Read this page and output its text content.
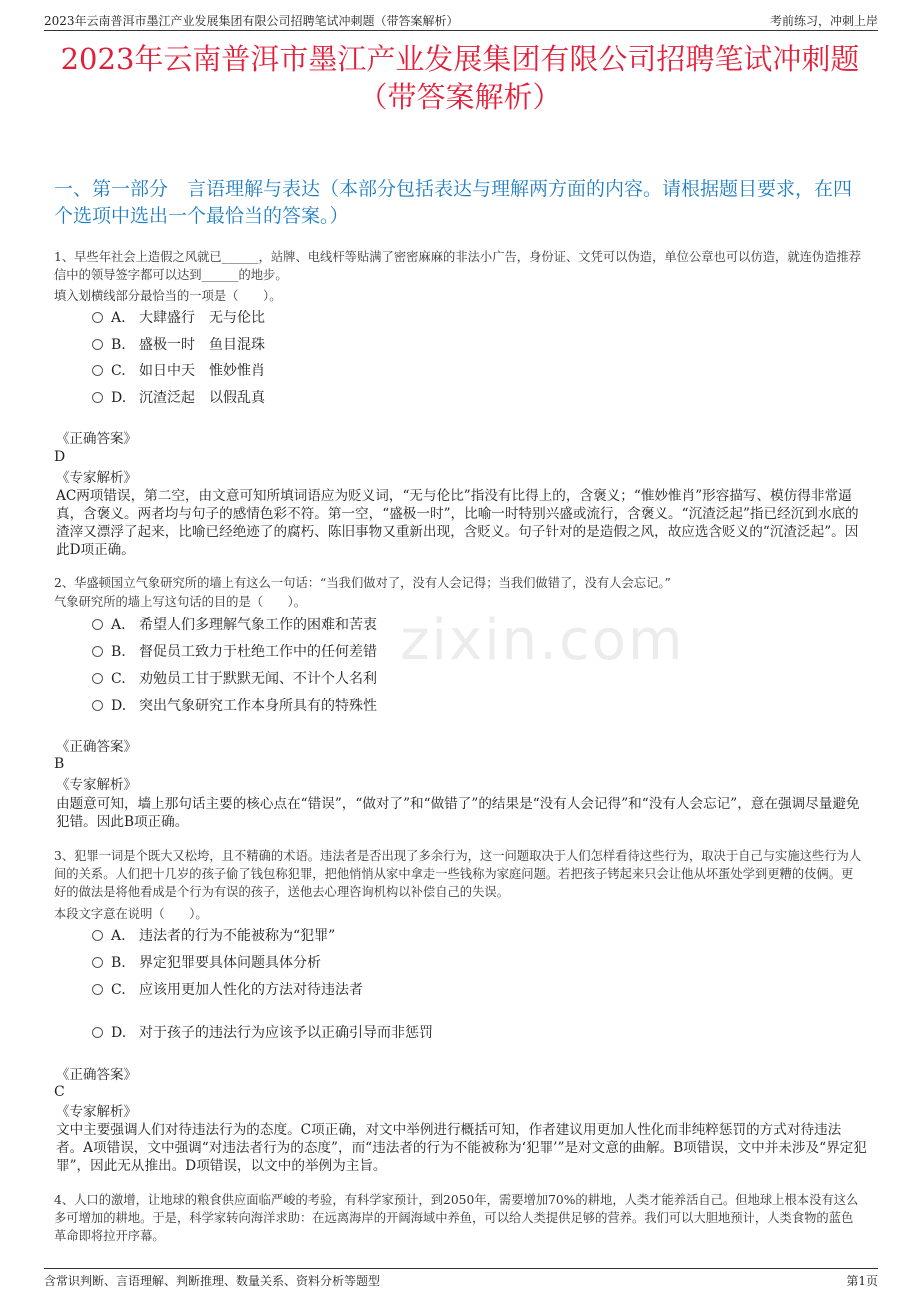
2023年云南普洱市墨江产业发展集团有限公司招聘笔试冲刺题（带答案解析）	考前练习，冲刺上岸
2023年云南普洱市墨江产业发展集团有限公司招聘笔试冲刺题（带答案解析）
一、第一部分　言语理解与表达（本部分包括表达与理解两方面的内容。请根据题目要求，在四个选项中选出一个最恰当的答案。）
zixin.com
1、早些年社会上造假之风就已______，站牌、电线杆等贴满了密密麻麻的非法小广告，身份证、文凭可以伪造，单位公章也可以仿造，就连伪造推荐信中的领导签字都可以达到______的地步。
填入划横线部分最恰当的一项是（　　）。
A. 大肆盛行　无与伦比
B. 盛极一时　鱼目混珠
C. 如日中天　惟妙惟肖
D. 沉渣泛起　以假乱真
《正确答案》
D
《专家解析》
AC两项错误，第二空，由文意可知所填词语应为贬义词，“无与伦比”指没有比得上的，含褒义；“惟妙惟肖”形容描写、模仿得非常逼真，含褒义。两者均与句子的感情色彩不符。第一空，“盛极一时”，比喻一时特别兴盛或流行，含褒义。“沉渣泛起”指已经沉到水底的渣滓又漂浮了起来，比喻已经绝迹了的腐朽、陈旧事物又重新出现，含贬义。句子针对的是造假之风，故应选含贬义的“沉渣泛起”。因此D项正确。
2、华盛顿国立气象研究所的墙上有这么一句话：“当我们做对了，没有人会记得；当我们做错了，没有人会忘记。”
气象研究所的墙上写这句话的目的是（　　）。
A. 希望人们多理解气象工作的困难和苦衷
B. 督促员工致力于杜绝工作中的任何差错
C. 劝勉员工甘于默默无闻、不计个人名利
D. 突出气象研究工作本身所具有的特殊性
《正确答案》
B
《专家解析》
由题意可知，墙上那句话主要的核心点在“错误”，“做对了”和“做错了”的结果是“没有人会记得”和“没有人会忘记”，意在强调尽量避免犯错。因此B项正确。
3、犯罪一词是个既大又松垮，且不精确的术语。违法者是否出现了多余行为，这一问题取决于人们怎样看待这些行为，取决于自己与实施这些行为人间的关系。人们把十几岁的孩子偷了钱包称犯罪，把他悄悄从家中拿走一些钱称为家庭问题。若把孩子铐起来只会让他从坏蛋处学到更糟的伎俩。更好的做法是将他看成是个行为有误的孩子，送他去心理咨询机构以补偿自己的失误。
本段文字意在说明（　　）。
A. 违法者的行为不能被称为“犯罪”
B. 界定犯罪要具体问题具体分析
C. 应该用更加人性化的方法对待违法者
D. 对于孩子的违法行为应该予以正确引导而非惩罚
《正确答案》
C
《专家解析》
文中主要强调人们对待违法行为的态度。C项正确，对文中举例进行概括可知，作者建议用更加人性化而非纯粹惩罚的方式对待违法者。A项错误，文中强调“对违法者行为的态度”，而“违法者的行为不能被称为‘犯罪’”是对文意的曲解。B项错误，文中并未涉及“界定犯罪”，因此无从推出。D项错误，以文中的举例为主旨。
4、人口的激增，让地球的粮食供应面临严峻的考验，有科学家预计，到2050年，需要增加70%的耕地，人类才能养活自己。但地球上根本没有这么多可增加的耕地。于是，科学家转向海洋求助：在远离海岸的开阔海域中养鱼，可以给人类提供足够的营养。我们可以大胆地预计，人类食物的蓝色革命即将拉开序幕。
含常识判断、言语理解、判断推理、数量关系、资料分析等题型	第1页
